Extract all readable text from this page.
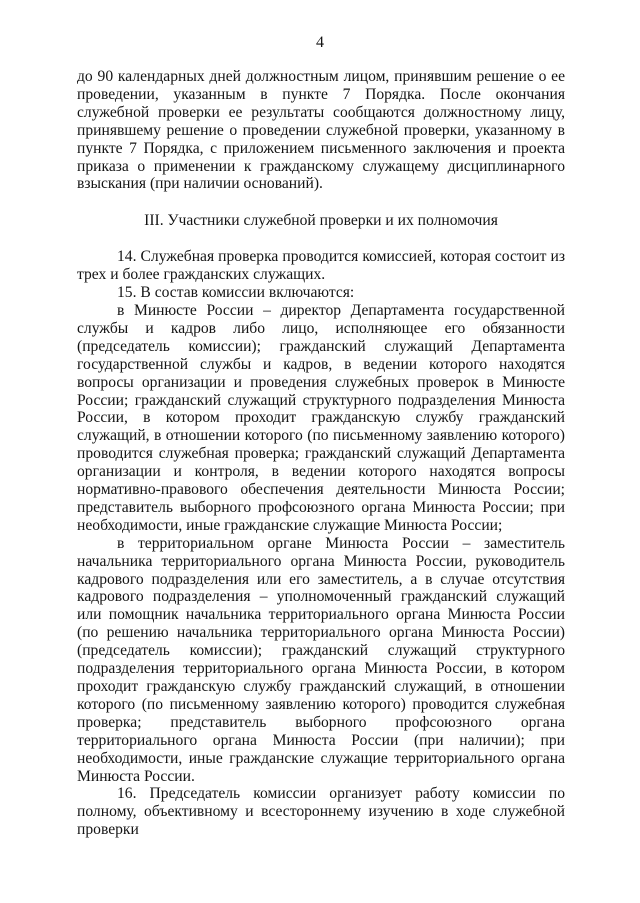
4

до 90 календарных дней должностным лицом, принявшим решение о ее проведении, указанным в пункте 7 Порядка. После окончания служебной проверки ее результаты сообщаются должностному лицу, принявшему решение о проведении служебной проверки, указанному в пункте 7 Порядка, с приложением письменного заключения и проекта приказа о применении к гражданскому служащему дисциплинарного взыскания (при наличии оснований).

III. Участники служебной проверки и их полномочия

14. Служебная проверка проводится комиссией, которая состоит из трех и более гражданских служащих.

15. В состав комиссии включаются:

в Минюсте России – директор Департамента государственной службы и кадров либо лицо, исполняющее его обязанности (председатель комиссии); гражданский служащий Департамента государственной службы и кадров, в ведении которого находятся вопросы организации и проведения служебных проверок в Минюсте России; гражданский служащий структурного подразделения Минюста России, в котором проходит гражданскую службу гражданский служащий, в отношении которого (по письменному заявлению которого) проводится служебная проверка; гражданский служащий Департамента организации и контроля, в ведении которого находятся вопросы нормативно-правового обеспечения деятельности Минюста России; представитель выборного профсоюзного органа Минюста России; при необходимости, иные гражданские служащие Минюста России;

в территориальном органе Минюста России – заместитель начальника территориального органа Минюста России, руководитель кадрового подразделения или его заместитель, а в случае отсутствия кадрового подразделения – уполномоченный гражданский служащий или помощник начальника территориального органа Минюста России (по решению начальника территориального органа Минюста России) (председатель комиссии); гражданский служащий структурного подразделения территориального органа Минюста России, в котором проходит гражданскую службу гражданский служащий, в отношении которого (по письменному заявлению которого) проводится служебная проверка; представитель выборного профсоюзного органа территориального органа Минюста России (при наличии); при необходимости, иные гражданские служащие территориального органа Минюста России.

16. Председатель комиссии организует работу комиссии по полному, объективному и всестороннему изучению в ходе служебной проверки
